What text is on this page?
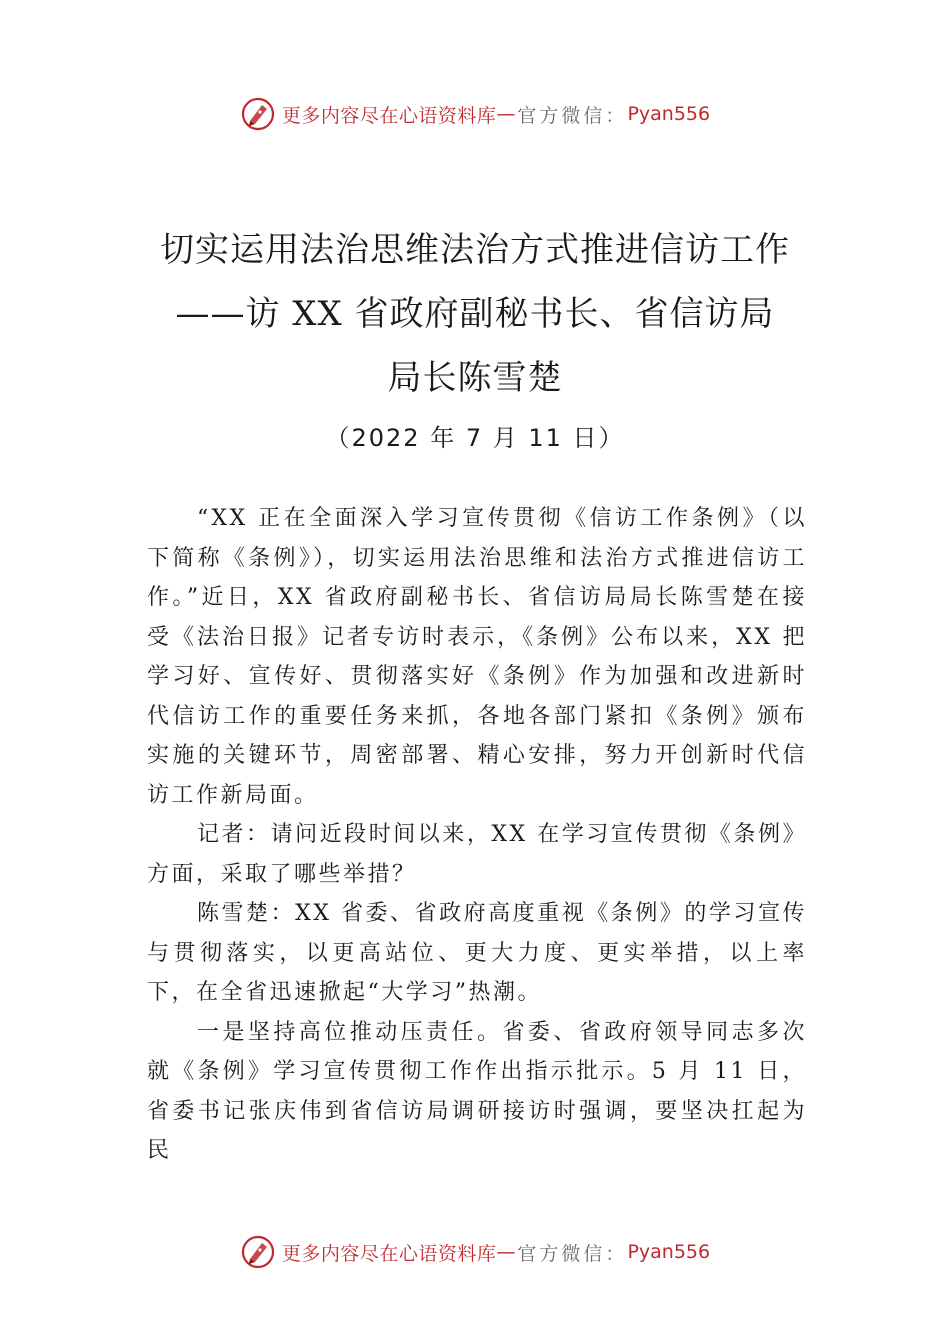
更多内容尽在心语资料库 — 官方微信： Pyan556
切实运用法治思维法治方式推进信访工作
——访 XX 省政府副秘书长、省信访局
局长陈雪楚
（2022 年 7 月 11 日）

“XX 正在全面深入学习宣传贯彻《信访工作条例》（以下简称《条例》），切实运用法治思维和法治方式推进信访工作。”近日，XX 省政府副秘书长、省信访局局长陈雪楚在接受《法治日报》记者专访时表示，《条例》公布以来，XX 把学习好、宣传好、贯彻落实好《条例》作为加强和改进新时代信访工作的重要任务来抓，各地各部门紧扣《条例》颁布实施的关键环节，周密部署、精心安排，努力开创新时代信访工作新局面。

记者：请问近段时间以来，XX 在学习宣传贯彻《条例》方面，采取了哪些举措？

陈雪楚：XX 省委、省政府高度重视《条例》的学习宣传与贯彻落实，以更高站位、更大力度、更实举措，以上率下，在全省迅速掀起“大学习”热潮。

一是坚持高位推动压责任。省委、省政府领导同志多次就《条例》学习宣传贯彻工作作出指示批示。5 月 11 日，省委书记张庆伟到省信访局调研接访时强调，要坚决扛起为民

更多内容尽在心语资料库 — 官方微信： Pyan556
